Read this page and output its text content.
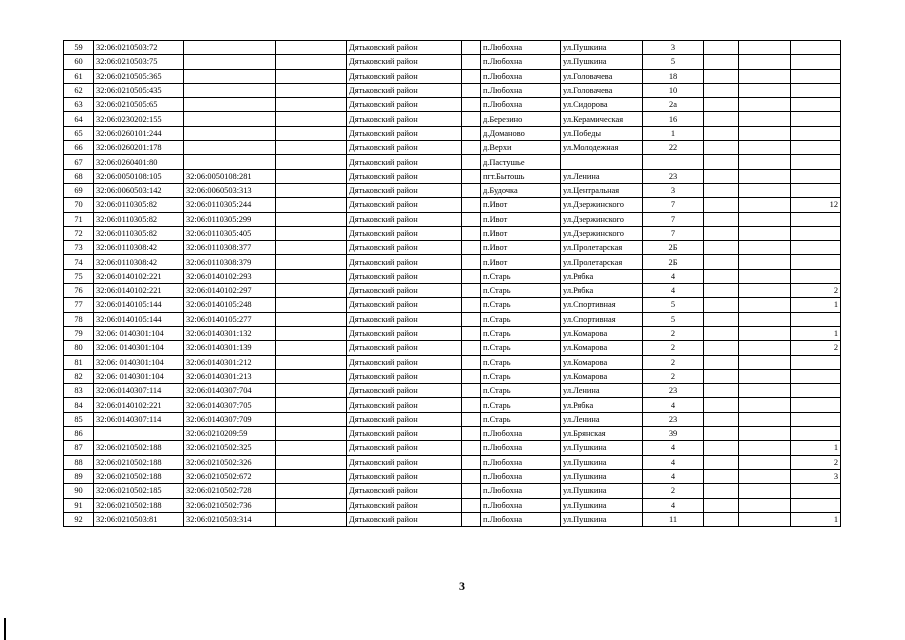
59	32:06:0210503:72			Дятьковский район		п.Любохна	ул.Пушкина	3			
60	32:06:0210503:75			Дятьковский район		п.Любохна	ул.Пушкина	5			
61	32:06:0210505:365			Дятьковский район		п.Любохна	ул.Головачева	18			
62	32:06:0210505:435			Дятьковский район		п.Любохна	ул.Головачева	10			
63	32:06:0210505:65			Дятьковский район		п.Любохна	ул.Сидорова	2а			
64	32:06:0230202:155			Дятьковский район		д.Березино	ул.Керамическая	16			
65	32:06:0260101:244			Дятьковский район		д.Доманово	ул.Победы	1			
66	32:06:0260201:178			Дятьковский район		д.Верхи	ул.Молодежная	22			
67	32:06:0260401:80			Дятьковский район		д.Пастушье					
68	32:06:0050108:105	32:06:0050108:281		Дятьковский район		пгт.Бытошь	ул.Ленина	23			
69	32:06:0060503:142	32:06:0060503:313		Дятьковский район		д.Будочка	ул.Центральная	3			
70	32:06:0110305:82	32:06:0110305:244		Дятьковский район		п.Ивот	ул.Дзержинского	7			12
71	32:06:0110305:82	32:06:0110305:299		Дятьковский район		п.Ивот	ул.Дзержинского	7			
72	32:06:0110305:82	32:06:0110305:405		Дятьковский район		п.Ивот	ул.Дзержинского	7			
73	32:06:0110308:42	32:06:0110308:377		Дятьковский район		п.Ивот	ул.Пролетарская	2Б			
74	32:06:0110308:42	32:06:0110308:379		Дятьковский район		п.Ивот	ул.Пролетарская	2Б			
75	32:06:0140102:221	32:06:0140102:293		Дятьковский район		п.Старь	ул.Рябка	4			
76	32:06:0140102:221	32:06:0140102:297		Дятьковский район		п.Старь	ул.Рябка	4			2
77	32:06:0140105:144	32:06:0140105:248		Дятьковский район		п.Старь	ул.Спортивная	5			1
78	32:06:0140105:144	32:06:0140105:277		Дятьковский район		п.Старь	ул.Спортивная	5			
79	32:06: 0140301:104	32:06:0140301:132		Дятьковский район		п.Старь	ул.Комарова	2			1
80	32:06: 0140301:104	32:06:0140301:139		Дятьковский район		п.Старь	ул.Комарова	2			2
81	32:06: 0140301:104	32:06:0140301:212		Дятьковский район		п.Старь	ул.Комарова	2			
82	32:06: 0140301:104	32:06:0140301:213		Дятьковский район		п.Старь	ул.Комарова	2			
83	32:06:0140307:114	32:06:0140307:704		Дятьковский район		п.Старь	ул.Ленина	23			
84	32:06:0140102:221	32:06:0140307:705		Дятьковский район		п.Старь	ул.Рябка	4			
85	32:06:0140307:114	32:06:0140307:709		Дятьковский район		п.Старь	ул.Ленина	23			
86		32:06:0210209:59		Дятьковский район		п.Любохна	ул.Брянская	39			
87	32:06:0210502:188	32:06:0210502:325		Дятьковский район		п.Любохна	ул.Пушкина	4			1
88	32:06:0210502:188	32:06:0210502:326		Дятьковский район		п.Любохна	ул.Пушкина	4			2
89	32:06:0210502:188	32:06:0210502:672		Дятьковский район		п.Любохна	ул.Пушкина	4			3
90	32:06:0210502:185	32:06:0210502:728		Дятьковский район		п.Любохна	ул.Пушкина	2			
91	32:06:0210502:188	32:06:0210502:736		Дятьковский район		п.Любохна	ул.Пушкина	4			
92	32:06:0210503:81	32:06:0210503:314		Дятьковский район		п.Любохна	ул.Пушкина	11			1
3
